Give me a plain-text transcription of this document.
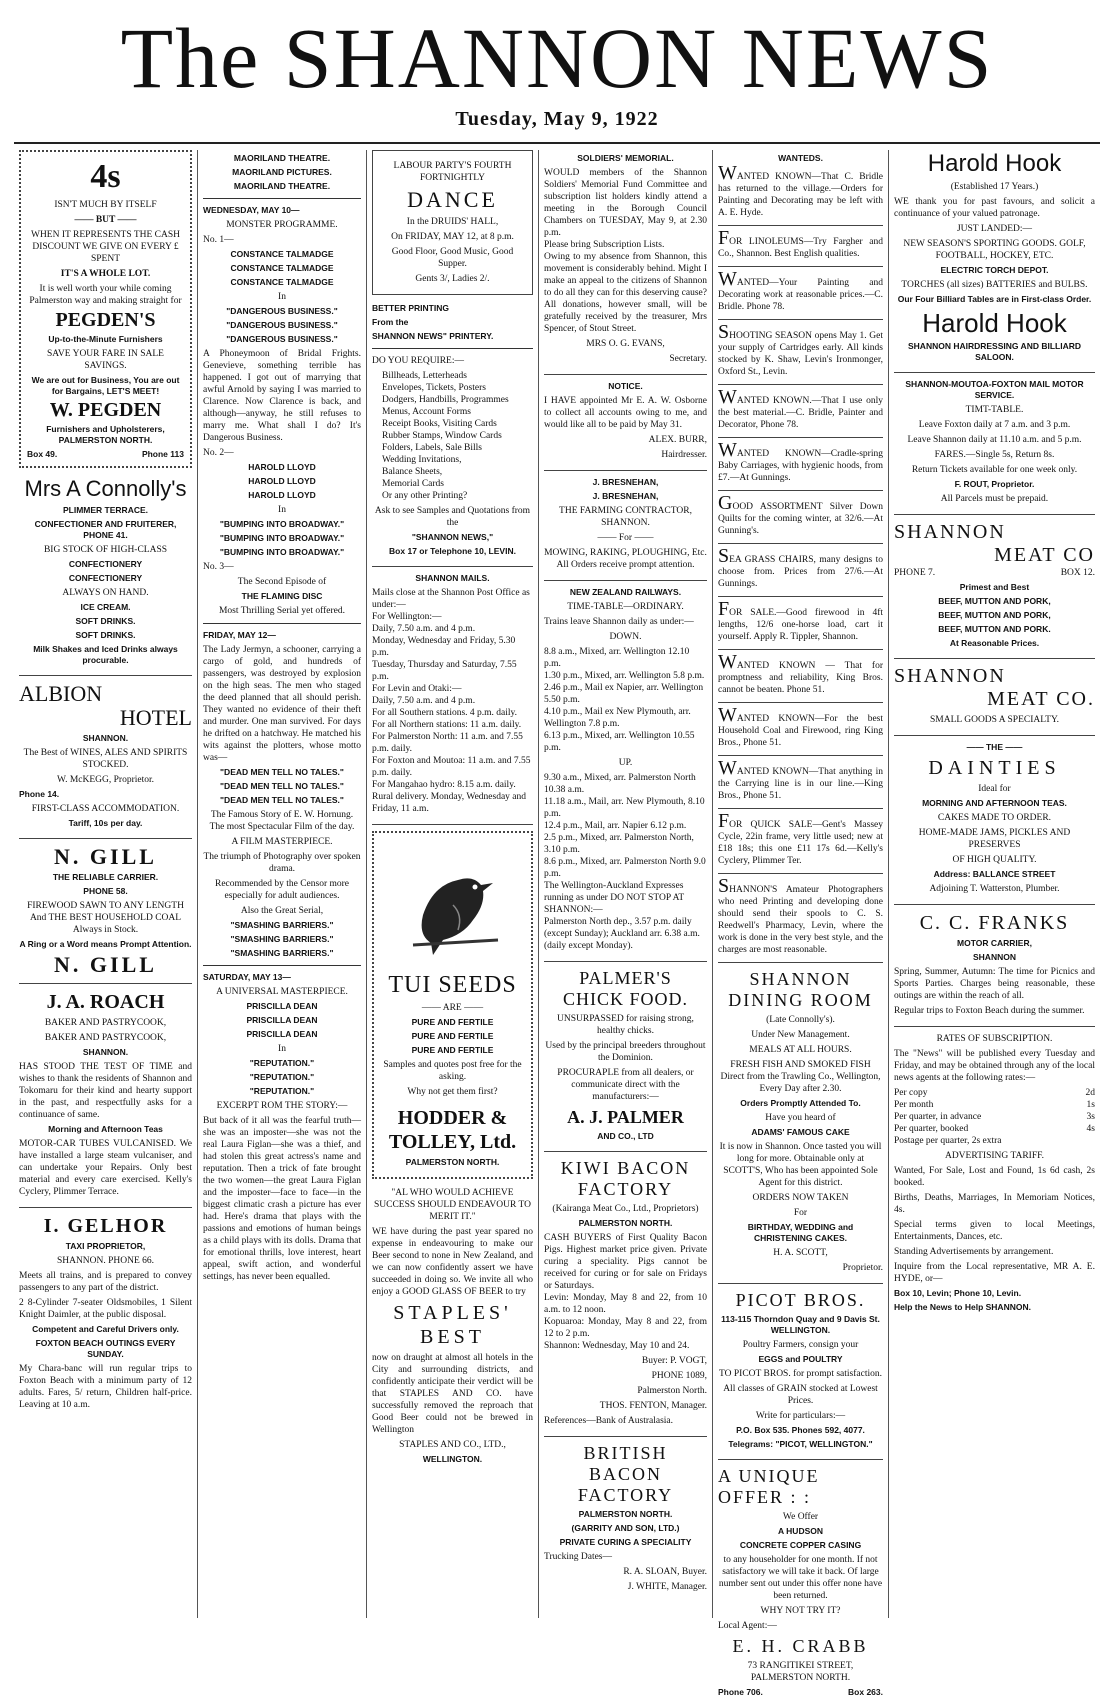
The SHANNON NEWS
Tuesday, May 9, 1922
4s

ISN'T MUCH BY ITSELF

—— BUT ——

WHEN IT REPRESENTS THE CASH DISCOUNT WE GIVE ON EVERY £ SPENT

IT'S A WHOLE LOT.

It is well worth your while coming Palmerston way and making straight for

PEGDEN'S

Up-to-the-Minute Furnishers

SAVE YOUR FARE IN SALE SAVINGS.

We are out for Business, You are out for Bargains, LET'S MEET!

W. PEGDEN

Furnishers and Upholsterers, PALMERSTON NORTH.

Box 49.	Phone 113
Mrs A Connolly's

PLIMMER TERRACE.

CONFECTIONER AND FRUITERER, PHONE 41.

BIG STOCK OF HIGH-CLASS

CONFECTIONERY

CONFECTIONERY

ALWAYS ON HAND.

ICE CREAM.

SOFT DRINKS.

SOFT DRINKS.

Milk Shakes and Iced Drinks always procurable.

ALBION
HOTEL

SHANNON.

The Best of WINES, ALES AND SPIRITS STOCKED.

W. McKEGG, Proprietor.

Phone 14.

FIRST-CLASS ACCOMMODATION.

Tariff, 10s per day.

N. GILL

THE RELIABLE CARRIER.

PHONE 58.

FIREWOOD SAWN TO ANY LENGTH And THE BEST HOUSEHOLD COAL Always in Stock.

A Ring or a Word means Prompt Attention.

N. GILL
J. A. ROACH

BAKER AND PASTRYCOOK,

BAKER AND PASTRYCOOK,

SHANNON.

HAS STOOD THE TEST OF TIME and wishes to thank the residents of Shannon and Tokomaru for their kind and hearty support in the past, and respectfully asks for a continuance of same.

Morning and Afternoon Teas

MOTOR-CAR TUBES VULCANISED. We have installed a large steam vulcaniser, and can undertake your Repairs. Only best material and every care exercised. Kelly's Cyclery, Plimmer Terrace.

I. GELHOR

TAXI PROPRIETOR,

SHANNON. PHONE 66.

Meets all trains, and is prepared to convey passengers to any part of the district.

2 8-Cylinder 7-seater Oldsmobiles, 1 Silent Knight Daimler, at the public disposal.

Competent and Careful Drivers only.

FOXTON BEACH OUTINGS EVERY SUNDAY.

My Chara-banc will run regular trips to Foxton Beach with a minimum party of 12 adults. Fares, 5/ return, Children half-price. Leaving at 10 a.m.

MAORILAND THEATRE.

MAORILAND PICTURES.

MAORILAND THEATRE.

WEDNESDAY, MAY 10—

MONSTER PROGRAMME.

No. 1—

CONSTANCE TALMADGE

CONSTANCE TALMADGE

CONSTANCE TALMADGE

In

"DANGEROUS BUSINESS."

"DANGEROUS BUSINESS."

"DANGEROUS BUSINESS."

A Phoneymoon of Bridal Frights. Genevieve, something terrible has happened. I got out of marrying that awful Arnold by saying I was married to Clarence. Now Clarence is back, and although—anyway, he still refuses to marry me. What shall I do? It's Dangerous Business.

No. 2—

HAROLD LLOYD

HAROLD LLOYD

HAROLD LLOYD

In

"BUMPING INTO BROADWAY."

"BUMPING INTO BROADWAY."

"BUMPING INTO BROADWAY."

No. 3—

The Second Episode of

THE FLAMING DISC

Most Thrilling Serial yet offered.

FRIDAY, MAY 12—

The Lady Jermyn, a schooner, carrying a cargo of gold, and hundreds of passengers, was destroyed by explosion on the high seas. The men who staged the deed planned that all should perish. They wanted no evidence of their theft and murder. One man survived. For days he drifted on a hatchway. He matched his wits against the plotters, whose motto was—

"DEAD MEN TELL NO TALES."

"DEAD MEN TELL NO TALES."

"DEAD MEN TELL NO TALES."

The Famous Story of E. W. Hornung. The most Spectacular Film of the day.

A FILM MASTERPIECE.

The triumph of Photography over spoken drama.

Recommended by the Censor more especially for adult audiences.

Also the Great Serial,

"SMASHING BARRIERS."

"SMASHING BARRIERS."

"SMASHING BARRIERS."

SATURDAY, MAY 13—

A UNIVERSAL MASTERPIECE.

PRISCILLA DEAN

PRISCILLA DEAN

PRISCILLA DEAN

In

"REPUTATION."

"REPUTATION."

"REPUTATION."

EXCERPT ROM THE STORY:—

But back of it all was the fearful truth—she was an imposter—she was not the real Laura Figlan—she was a thief, and had stolen this great actress's name and reputation. Then a trick of fate brought the two women—the great Laura Figlan and the imposter—face to face—in the biggest climatic crash a picture has ever had. Here's drama that plays with the passions and emotions of human beings as a child plays with its dolls. Drama that for emotional thrills, love interest, heart appeal, swift action, and wonderful settings, has never been equalled.

LABOUR PARTY'S FOURTH FORTNIGHTLY

DANCE

In the DRUIDS' HALL,

On FRIDAY, MAY 12, at 8 p.m.

Good Floor, Good Music, Good Supper.

Gents 3/, Ladies 2/.

BETTER PRINTING

From the

SHANNON NEWS" PRINTERY.

DO YOU REQUIRE:—

Billheads, Letterheads
Envelopes, Tickets, Posters
Dodgers, Handbills, Programmes
Menus, Account Forms
Receipt Books, Visiting Cards
Rubber Stamps, Window Cards
Folders, Labels, Sale Bills
Wedding Invitations,
Balance Sheets,
Memorial Cards
Or any other Printing?

Ask to see Samples and Quotations from the

"SHANNON NEWS,"

Box 17 or Telephone 10, LEVIN.

SHANNON MAILS.

Mails close at the Shannon Post Office as under:—
For Wellington:—
Daily, 7.50 a.m. and 4 p.m.
Monday, Wednesday and Friday, 5.30 p.m.
Tuesday, Thursday and Saturday, 7.55 p.m.
For Levin and Otaki:—
Daily, 7.50 a.m. and 4 p.m.
For all Southern stations. 4 p.m. daily.
For all Northern stations: 11 a.m. daily.
For Palmerston North: 11 a.m. and 7.55 p.m. daily.
For Foxton and Moutoa: 11 a.m. and 7.55 p.m. daily.
For Mangahao hydro: 8.15 a.m. daily.
Rural delivery. Monday, Wednesday and Friday, 11 a.m.

TUI SEEDS

—— ARE ——

PURE AND FERTILE

PURE AND FERTILE

PURE AND FERTILE

Samples and quotes post free for the asking.

Why not get them first?

HODDER &
TOLLEY, Ltd.

PALMERSTON NORTH.

"AL WHO WOULD ACHIEVE SUCCESS SHOULD ENDEAVOUR TO MERIT IT."

WE have during the past year spared no expense in endeavouring to make our Beer second to none in New Zealand, and we can now confidently assert we have succeeded in doing so. We invite all who enjoy a GOOD GLASS OF BEER to try

STAPLES'
BEST

now on draught at almost all hotels in the City and surrounding districts, and confidently anticipate their verdict will be that STAPLES AND CO. have successfully removed the reproach that Good Beer could not be brewed in Wellington

STAPLES AND CO., LTD.,

WELLINGTON.

SOLDIERS' MEMORIAL.

WOULD members of the Shannon Soldiers' Memorial Fund Committee and subscription list holders kindly attend a meeting in the Borough Council Chambers on TUESDAY, May 9, at 2.30 p.m.
Please bring Subscription Lists.
Owing to my absence from Shannon, this movement is considerably behind. Might I make an appeal to the citizens of Shannon to do all they can for this deserving cause? All donations, however small, will be gratefully received by the treasurer, Mrs Spencer, of Stout Street.

MRS O. G. EVANS,

Secretary.

NOTICE.

I HAVE appointed Mr E. A. W. Osborne to collect all accounts owing to me, and would like all to be paid by May 31.

ALEX. BURR,

Hairdresser.

J. BRESNEHAN,

J. BRESNEHAN,

THE FARMING CONTRACTOR, SHANNON.

—— For ——

MOWING, RAKING, PLOUGHING, Etc. All Orders receive prompt attention.

NEW ZEALAND RAILWAYS.

TIME-TABLE—ORDINARY.

Trains leave Shannon daily as under:—

DOWN.

8.8 a.m., Mixed, arr. Wellington 12.10 p.m.
1.30 p.m., Mixed, arr. Wellington 5.8 p.m.
2.46 p.m., Mail ex Napier, arr. Wellington 5.50 p.m.
4.10 p.m., Mail ex New Plymouth, arr. Wellington 7.8 p.m.
6.13 p.m., Mixed, arr. Wellington 10.55 p.m.

UP.

9.30 a.m., Mixed, arr. Palmerston North 10.38 a.m.
11.18 a.m., Mail, arr. New Plymouth, 8.10 p.m.
12.4 p.m., Mail, arr. Napier 6.12 p.m.
2.5 p.m., Mixed, arr. Palmerston North, 3.10 p.m.
8.6 p.m., Mixed, arr. Palmerston North 9.0 p.m.
The Wellington-Auckland Expresses running as under DO NOT STOP AT SHANNON:—
Palmerston North dep., 3.57 p.m. daily (except Sunday); Auckland arr. 6.38 a.m. (daily except Monday).

PALMER'S
CHICK FOOD.

UNSURPASSED for raising strong, healthy chicks.

Used by the principal breeders throughout the Dominion.

PROCURAPLE from all dealers, or communicate direct with the manufacturers:—

A. J. PALMER

AND CO., LTD

KIWI BACON
FACTORY

(Kairanga Meat Co., Ltd., Proprietors)

PALMERSTON NORTH.

CASH BUYERS of First Quality Bacon Pigs. Highest market price given. Private curing a speciality. Pigs cannot be received for curing or for sale on Fridays or Saturdays.
Levin: Monday, May 8 and 22, from 10 a.m. to 12 noon.
Kopuaroa: Monday, May 8 and 22, from 12 to 2 p.m.
Shannon: Wednesday, May 10 and 24.

Buyer: P. VOGT,

PHONE 1089,

Palmerston North.

THOS. FENTON, Manager.

References—Bank of Australasia.

BRITISH
BACON
FACTORY

PALMERSTON NORTH.

(GARRITY AND SON, LTD.)

PRIVATE CURING A SPECIALITY

Trucking Dates—

R. A. SLOAN, Buyer.

J. WHITE, Manager.

WANTEDS.

WANTED KNOWN—That C. Bridle has returned to the village.—Orders for Painting and Decorating may be left with A. E. Hyde.

FOR LINOLEUMS—Try Fargher and Co., Shannon. Best English qualities.

WANTED—Your Painting and Decorating work at reasonable prices.—C. Bridle. Phone 78.

SHOOTING SEASON opens May 1. Get your supply of Cartridges early. All kinds stocked by K. Shaw, Levin's Ironmonger, Oxford St., Levin.

WANTED KNOWN.—That I use only the best material.—C. Bridle, Painter and Decorator, Phone 78.

WANTED KNOWN—Cradle-spring Baby Carriages, with hygienic hoods, from £7.—At Gunnings.

GOOD ASSORTMENT Silver Down Quilts for the coming winter, at 32/6.—At Gunning's.

SEA GRASS CHAIRS, many designs to choose from. Prices from 27/6.—At Gunnings.

FOR SALE.—Good firewood in 4ft lengths, 12/6 one-horse load, cart it yourself. Apply R. Tippler, Shannon.

WANTED KNOWN — That for promptness and reliability, King Bros. cannot be beaten. Phone 51.

WANTED KNOWN—For the best Household Coal and Firewood, ring King Bros., Phone 51.

WANTED KNOWN—That anything in the Carrying line is in our line.—King Bros., Phone 51.

FOR QUICK SALE—Gent's Massey Cycle, 22in frame, very little used; new at £18 18s; this one £11 17s 6d.—Kelly's Cyclery, Plimmer Ter.

SHANNON'S Amateur Photographers who need Printing and developing done should send their spools to C. S. Reedwell's Pharmacy, Levin, where the work is done in the very best style, and the charges are most reasonable.

SHANNON
DINING ROOM

(Late Connolly's).

Under New Management.

MEALS AT ALL HOURS.

FRESH FISH AND SMOKED FISH Direct from the Trawling Co., Wellington, Every Day after 2.30.

Orders Promptly Attended To.

Have you heard of

ADAMS' FAMOUS CAKE

It is now in Shannon. Once tasted you will long for more. Obtainable only at SCOTT'S, Who has been appointed Sole Agent for this district.

ORDERS NOW TAKEN

For

BIRTHDAY, WEDDING and CHRISTENING CAKES.

H. A. SCOTT,

Proprietor.

PICOT BROS.

113-115 Thorndon Quay and 9 Davis St. WELLINGTON.

Poultry Farmers, consign your

EGGS and POULTRY

TO PICOT BROS. for prompt satisfaction.

All classes of GRAIN stocked at Lowest Prices.

Write for particulars:—

P.O. Box 535. Phones 592, 4077.

Telegrams: "PICOT, WELLINGTON."

A UNIQUE
OFFER : :

We Offer

A HUDSON

CONCRETE COPPER CASING

to any householder for one month. If not satisfactory we will take it back. Of large number sent out under this offer none have been returned.

WHY NOT TRY IT?

Local Agent:—

E. H. CRABB

73 RANGITIKEI STREET, PALMERSTON NORTH.

Phone 706.	Box 263.
Harold Hook

(Established 17 Years.)

WE thank you for past favours, and solicit a continuance of your valued patronage.

JUST LANDED:—

NEW SEASON'S SPORTING GOODS. GOLF, FOOTBALL, HOCKEY, ETC.

ELECTRIC TORCH DEPOT.

TORCHES (all sizes) BATTERIES and BULBS.

Our Four Billiard Tables are in First-class Order.

Harold Hook

SHANNON HAIRDRESSING AND BILLIARD SALOON.

SHANNON-MOUTOA-FOXTON MAIL MOTOR SERVICE.

TIMT-TABLE.

Leave Foxton daily at 7 a.m. and 3 p.m.

Leave Shannon daily at 11.10 a.m. and 5 p.m.

FARES.—Single 5s, Return 8s.

Return Tickets available for one week only.

F. ROUT, Proprietor.

All Parcels must be prepaid.

SHANNON
MEAT CO
PHONE 7.	BOX 12.

Primest and Best

BEEF, MUTTON AND PORK,

BEEF, MUTTON AND PORK,

BEEF, MUTTON AND PORK.

At Reasonable Prices.

SHANNON
MEAT CO.

SMALL GOODS A SPECIALTY.

—— THE ——

DAINTIES

Ideal for

MORNING AND AFTERNOON TEAS.

CAKES MADE TO ORDER.

HOME-MADE JAMS, PICKLES AND PRESERVES

OF HIGH QUALITY.

Address: BALLANCE STREET

Adjoining T. Watterston, Plumber.

C. C. FRANKS

MOTOR CARRIER,

SHANNON

Spring, Summer, Autumn: The time for Picnics and Sports Parties. Charges being reasonable, these outings are within the reach of all.

Regular trips to Foxton Beach during the summer.

RATES OF SUBSCRIPTION.

The "News" will be published every Tuesday and Friday, and may be obtained through any of the local news agents at the following rates:—

Per copy	2d
Per month	1s
Per quarter, in advance	3s
Per quarter, booked	4s
Postage per quarter, 2s extra

ADVERTISING TARIFF.

Wanted, For Sale, Lost and Found, 1s 6d cash, 2s booked.

Births, Deaths, Marriages, In Memoriam Notices, 4s.

Special terms given to local Meetings, Entertainments, Dances, etc.

Standing Advertisements by arrangement.

Inquire from the Local representative, MR A. E. HYDE, or—

Box 10, Levin; Phone 10, Levin.

Help the News to Help SHANNON.
